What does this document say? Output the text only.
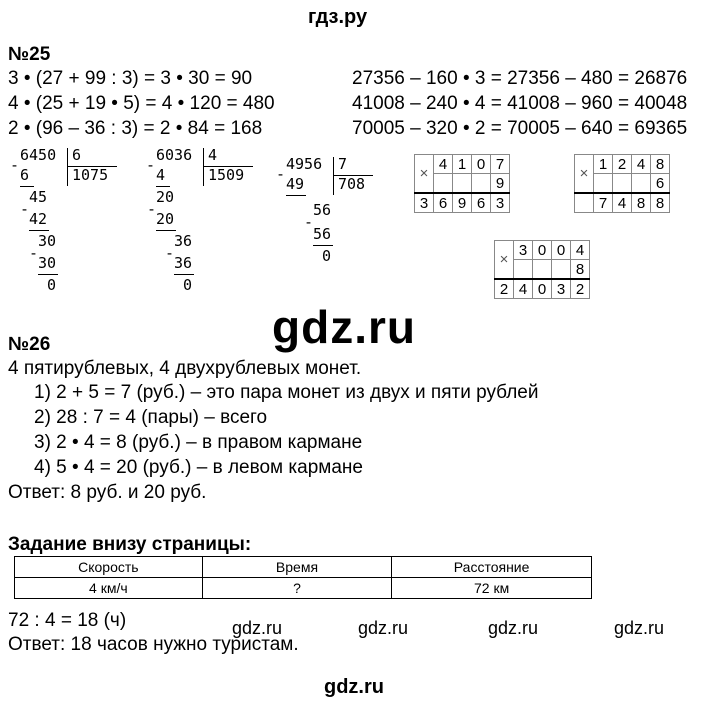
гдз.ру
№25
3 • (27 + 99 : 3) = 3 • 30 = 90
4 • (25 + 19 • 5) = 4 • 120 = 480
2 • (96 – 36 : 3) = 2 • 84 = 168
27356 – 160 • 3 = 27356 – 480 = 26876
41008 – 240 • 4 = 41008 – 960 = 40048
70005 – 320 • 2 = 70005 – 640 = 69365
6450 6
1075
-
6
45
-
42
30
-
30
0
6036 4
1509
-
4
20
-
20
36
-
36
0
4956 7
708
-
49
56
-
56
0
×	4	1	0	7
				9
3	6	9	6	3
×	1	2	4	8
				6
	7	4	8	8
×	3	0	0	4
				8
2	4	0	3	2
gdz.ru
№26
4 пятирублевых, 4 двухрублевых монет.
1) 2 + 5 = 7 (руб.) – это пара монет из двух и пяти рублей
2) 28 : 7 = 4 (пары) – всего
3) 2 • 4 = 8 (руб.) – в правом кармане
4) 5 • 4 = 20 (руб.) – в левом кармане
Ответ: 8 руб. и 20 руб.
Задание внизу страницы:
Скорость	Время	Расстояние
4 км/ч	?	72 км
72 : 4 = 18 (ч)
Ответ: 18 часов нужно туристам.
gdz.ru	gdz.ru	gdz.ru	gdz.ru
gdz.ru
